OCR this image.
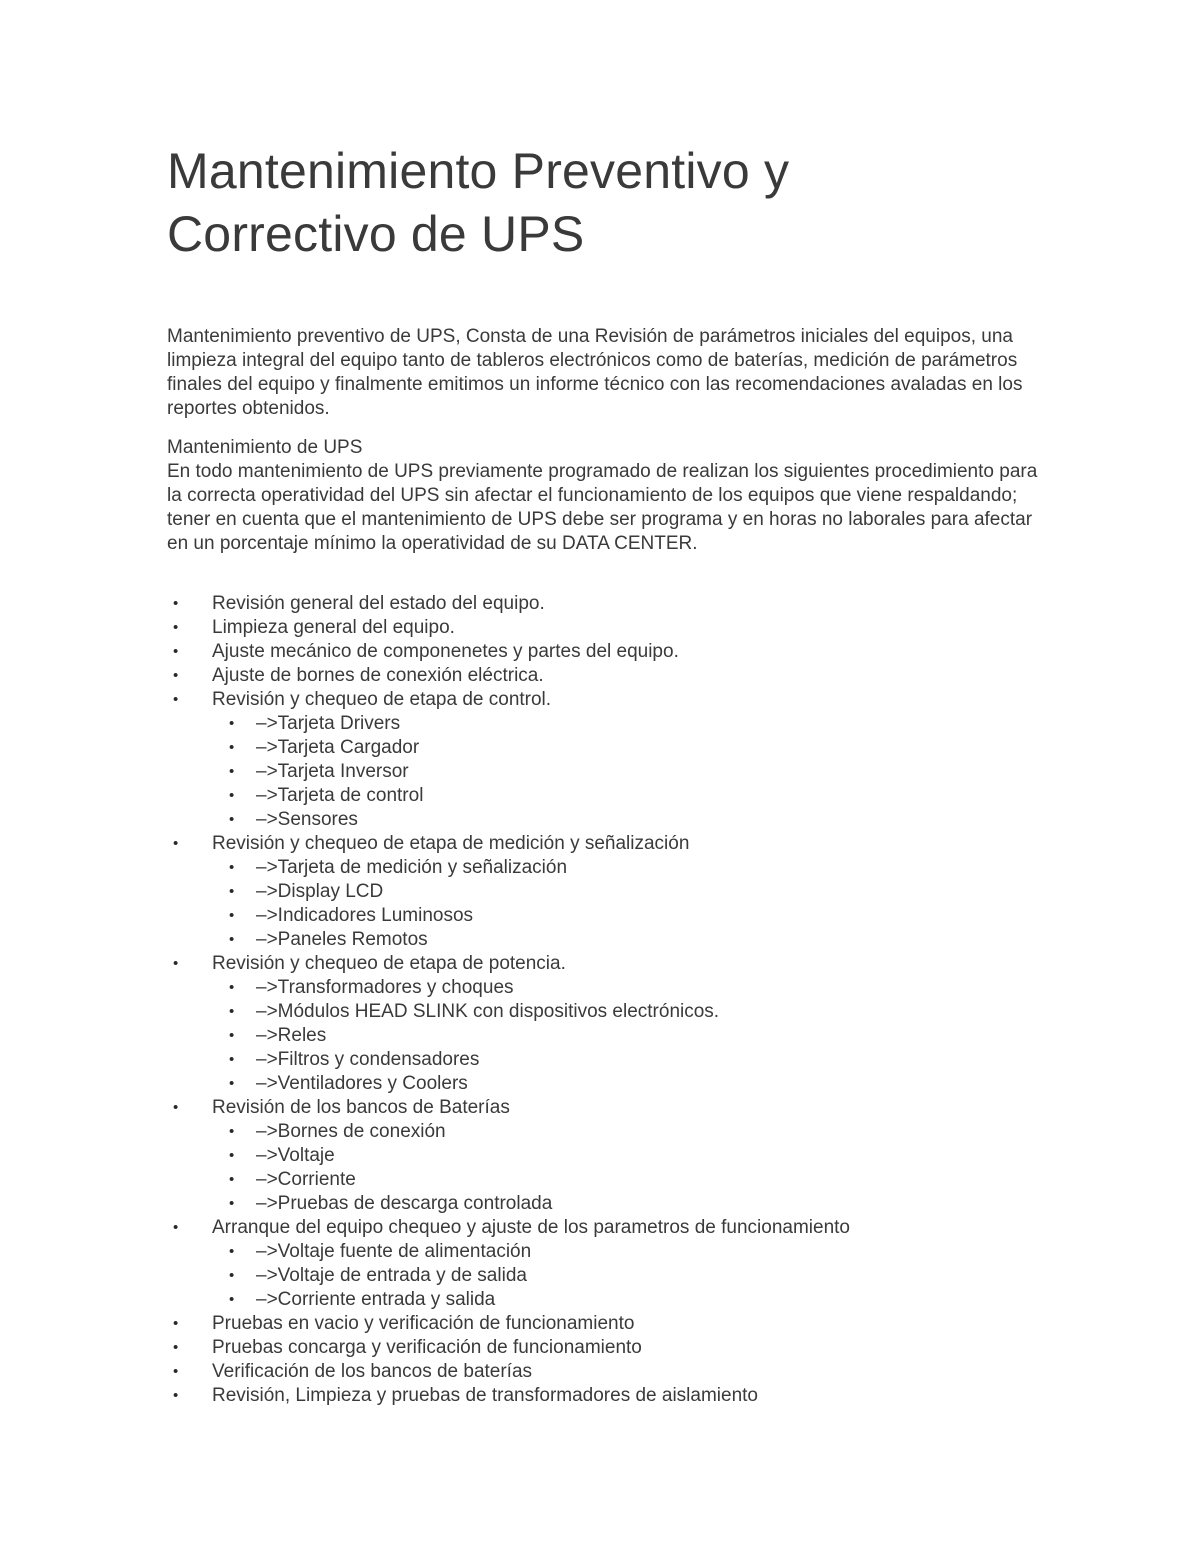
Mantenimiento Preventivo y
Correctivo de UPS

Mantenimiento preventivo de UPS, Consta de una Revisión de parámetros iniciales del equipos, una limpieza integral del equipo tanto de tableros electrónicos como de baterías, medición de parámetros finales del equipo y finalmente emitimos un informe técnico con las recomendaciones avaladas en los reportes obtenidos.

Mantenimiento de UPS
En todo mantenimiento de UPS previamente programado de realizan los siguientes procedimiento para la correcta operatividad del UPS sin afectar el funcionamiento de los equipos que viene respaldando; tener en cuenta que el mantenimiento de UPS debe ser programa y en horas no laborales para afectar en un porcentaje mínimo la operatividad de su DATA CENTER.
• Revisión general del estado del equipo.
• Limpieza general del equipo.
• Ajuste mecánico de componenetes y partes del equipo.
• Ajuste de bornes de conexión eléctrica.
• Revisión y chequeo de etapa de control.
• –>Tarjeta Drivers
• –>Tarjeta Cargador
• –>Tarjeta Inversor
• –>Tarjeta de control
• –>Sensores
• Revisión y chequeo de etapa de medición y señalización
• –>Tarjeta de medición y señalización
• –>Display LCD
• –>Indicadores Luminosos
• –>Paneles Remotos
• Revisión y chequeo de etapa de potencia.
• –>Transformadores y choques
• –>Módulos HEAD SLINK con dispositivos electrónicos.
• –>Reles
• –>Filtros y condensadores
• –>Ventiladores y Coolers
• Revisión de los bancos de Baterías
• –>Bornes de conexión
• –>Voltaje
• –>Corriente
• –>Pruebas de descarga controlada
• Arranque del equipo chequeo y ajuste de los parametros de funcionamiento
• –>Voltaje fuente de alimentación
• –>Voltaje de entrada y de salida
• –>Corriente entrada y salida
• Pruebas en vacio y verificación de funcionamiento
• Pruebas concarga y verificación de funcionamiento
• Verificación de los bancos de baterías
• Revisión, Limpieza y pruebas de transformadores de aislamiento
